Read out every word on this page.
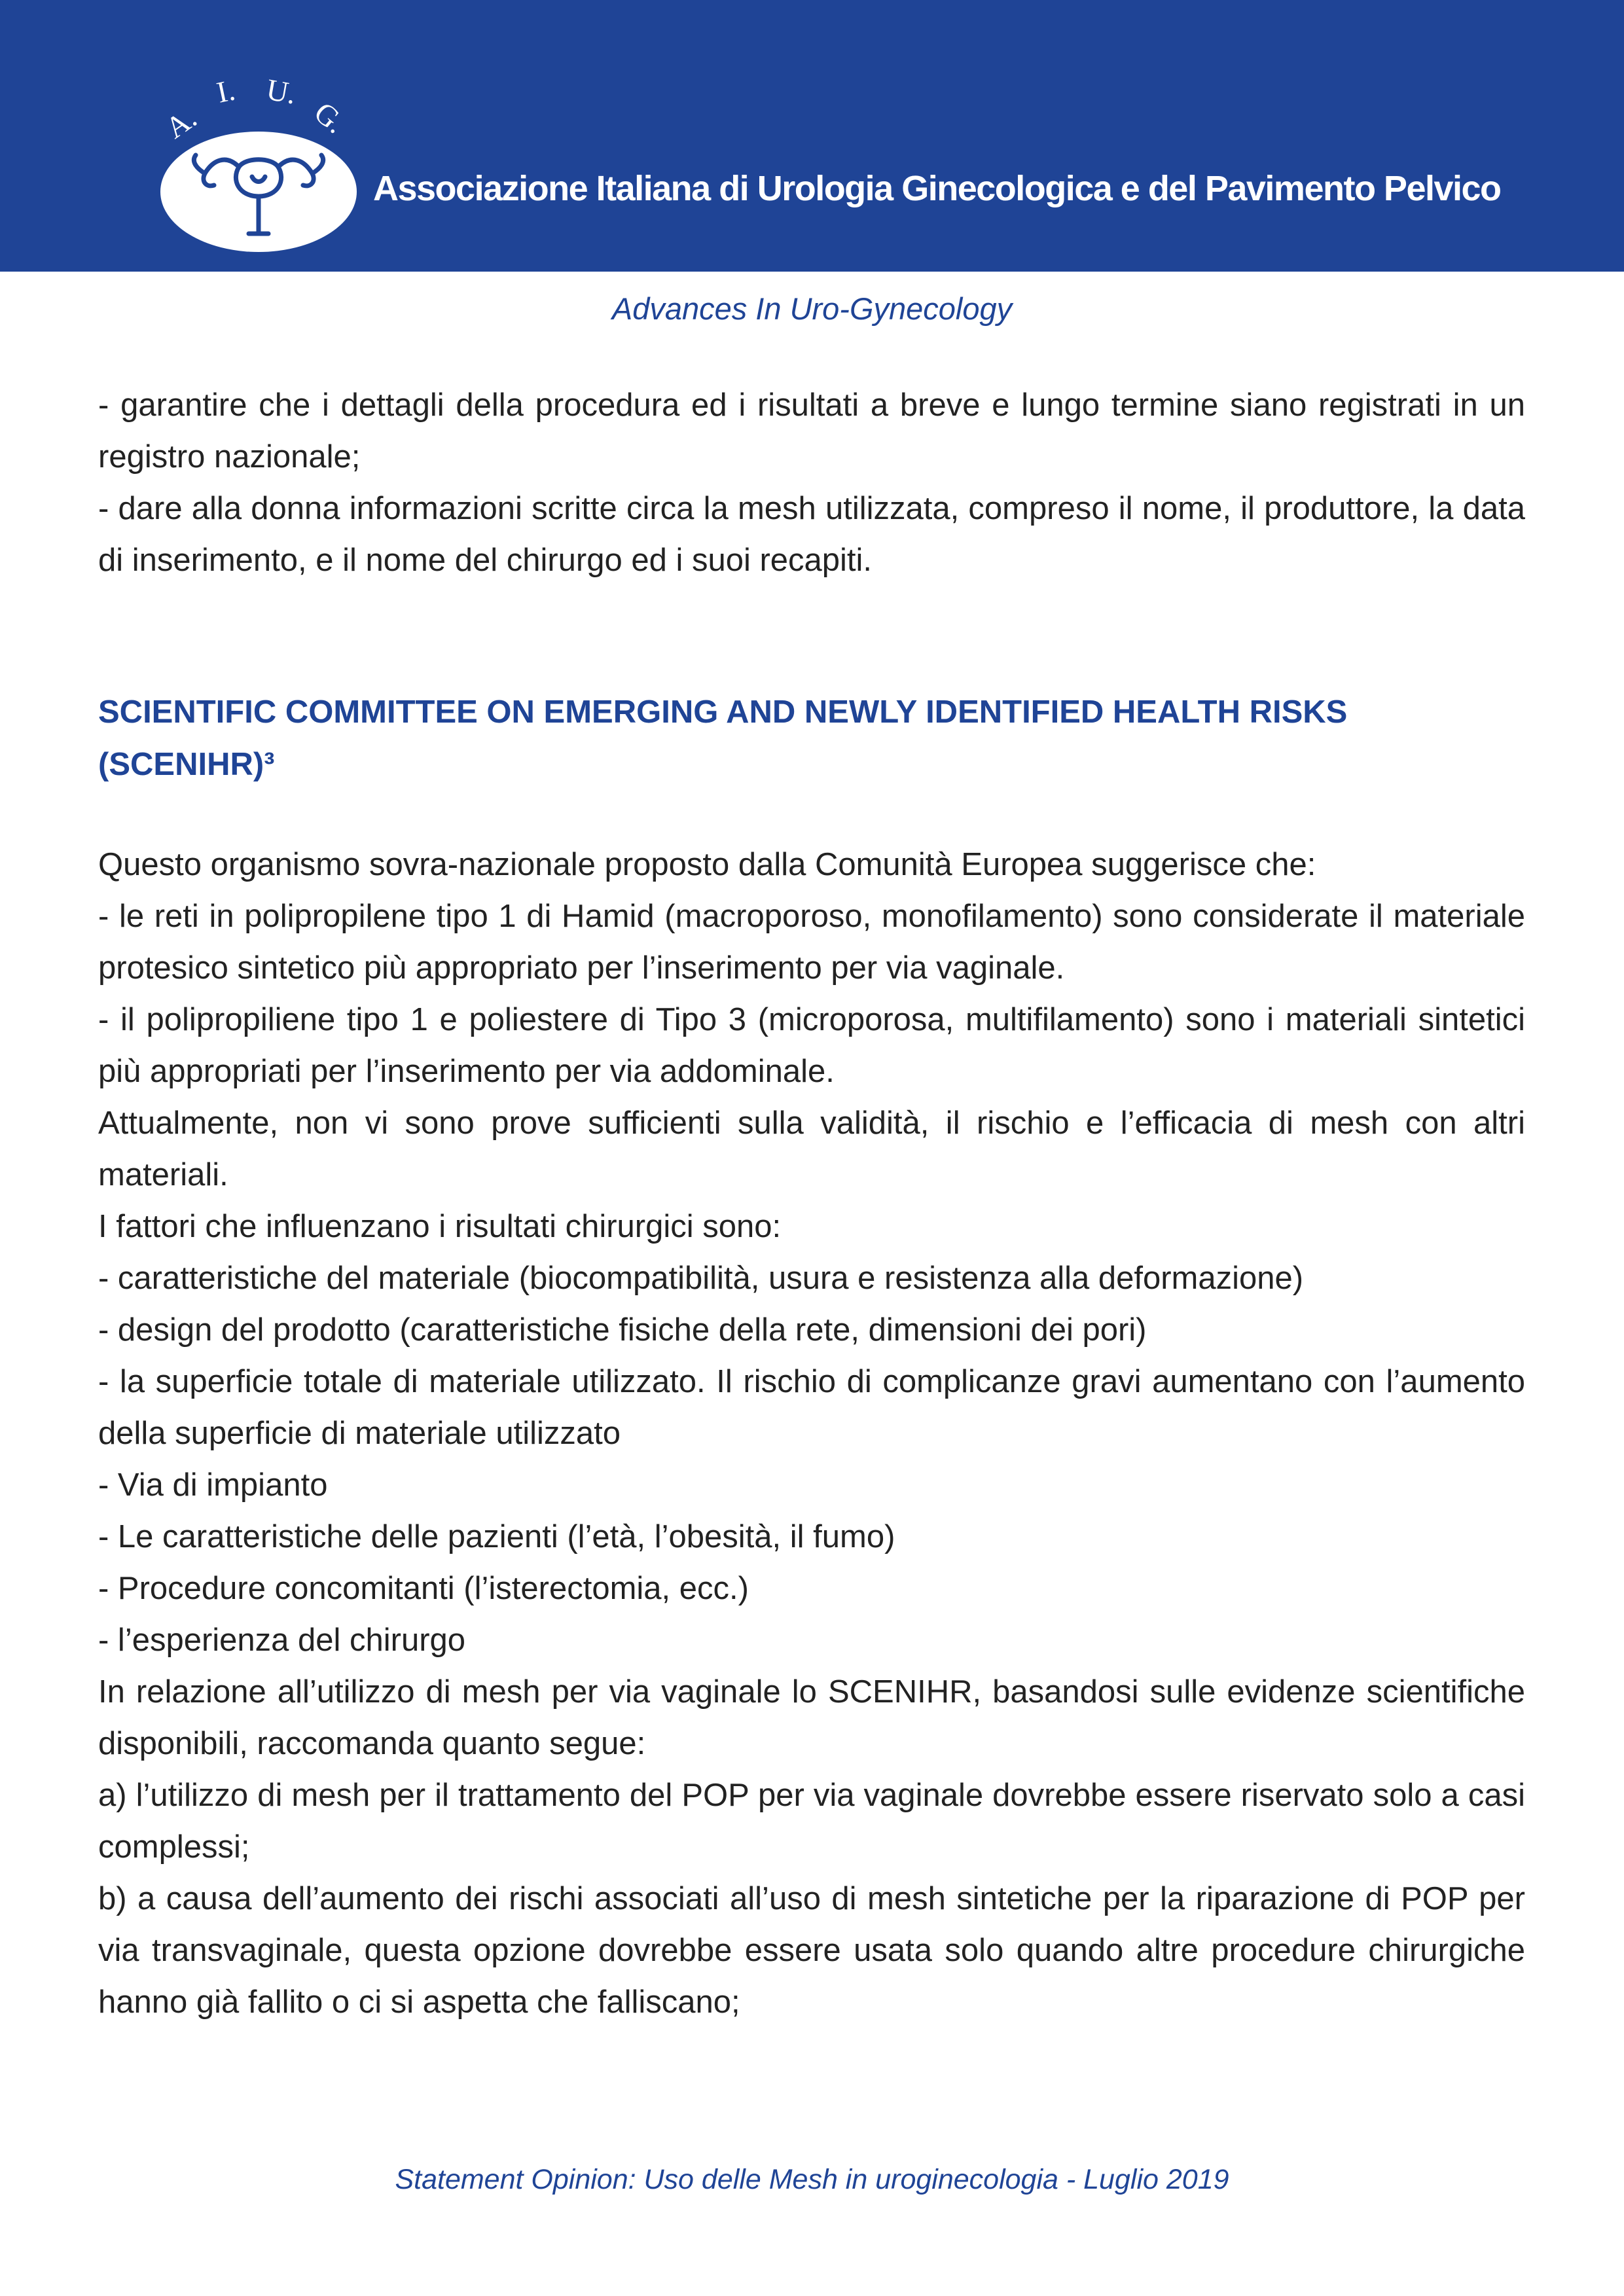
A.
I. U.
G.
Associazione Italiana di Urologia Ginecologica e del Pavimento Pelvico
Advances In Uro-Gynecology

- garantire che i dettagli della procedura ed i risultati a breve e lungo termine siano registrati in un registro nazionale;

- dare alla donna informazioni scritte circa la mesh utilizzata, compreso il nome, il produttore, la data di inserimento, e il nome del chirurgo ed i suoi recapiti.

SCIENTIFIC COMMITTEE ON EMERGING AND NEWLY IDENTIFIED HEALTH RISKS (SCENIHR)³

Questo organismo sovra-nazionale proposto dalla Comunità Europea suggerisce che:

- le reti in polipropilene tipo 1 di Hamid (macroporoso, monofilamento) sono considerate il materiale protesico sintetico più appropriato per l’inserimento per via vaginale.

- il polipropiliene tipo 1 e poliestere di Tipo 3 (microporosa, multifilamento) sono i materiali sintetici più appropriati per l’inserimento per via addominale.

Attualmente, non vi sono prove sufficienti sulla validità, il rischio e l’efficacia di mesh con altri materiali.

I fattori che influenzano i risultati chirurgici sono:

- caratteristiche del materiale (biocompatibilità, usura e resistenza alla deformazione)

- design del prodotto (caratteristiche fisiche della rete, dimensioni dei pori)

- la superficie totale di materiale utilizzato. Il rischio di complicanze gravi aumentano con l’aumento della superficie di materiale utilizzato

- Via di impianto

- Le caratteristiche delle pazienti (l’età, l’obesità, il fumo)

- Procedure concomitanti (l’isterectomia, ecc.)

- l’esperienza del chirurgo

In relazione all’utilizzo di mesh per via vaginale lo SCENIHR, basandosi sulle evidenze scientifiche disponibili, raccomanda quanto segue:

a) l’utilizzo di mesh per il trattamento del POP per via vaginale dovrebbe essere riservato solo a casi complessi;

b) a causa dell’aumento dei rischi associati all’uso di mesh sintetiche per la riparazione di POP per via transvaginale, questa opzione dovrebbe essere usata solo quando altre procedure chirurgiche hanno già fallito o ci si aspetta che falliscano;

Statement Opinion: Uso delle Mesh in uroginecologia - Luglio 2019
